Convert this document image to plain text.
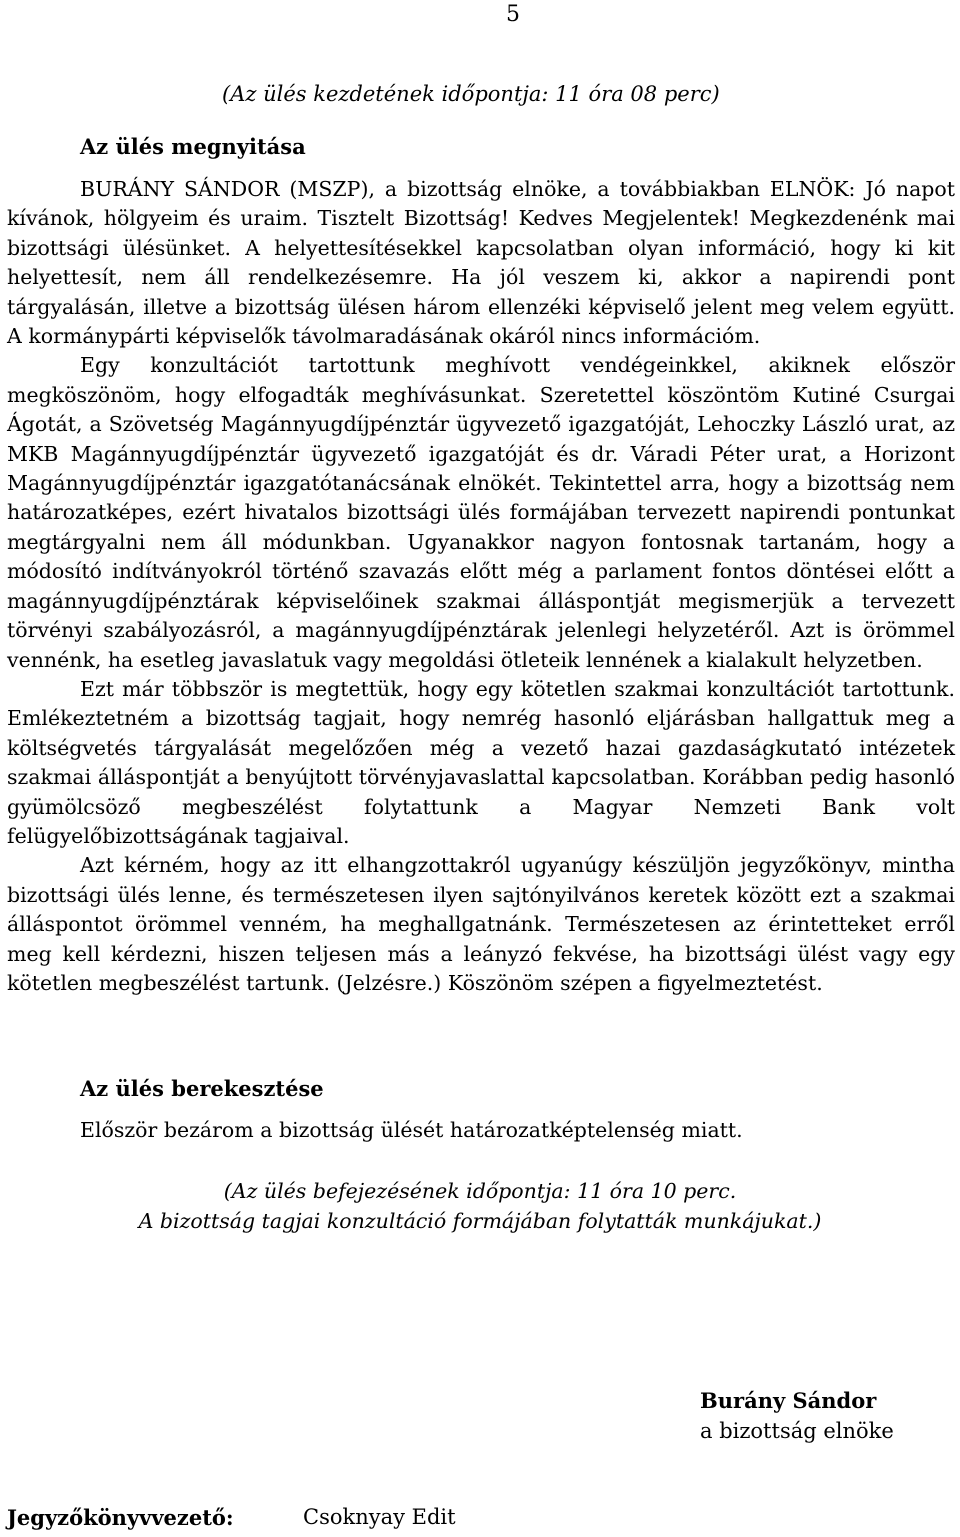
5
(Az ülés kezdetének időpontja: 11 óra 08 perc)
Az ülés megnyitása

BURÁNY SÁNDOR (MSZP), a bizottság elnöke, a továbbiakban ELNÖK: Jó napot kívánok, hölgyeim és uraim. Tisztelt Bizottság! Kedves Megjelentek! Megkezdenénk mai bizottsági ülésünket. A helyettesítésekkel kapcsolatban olyan információ, hogy ki kit helyettesít, nem áll rendelkezésemre. Ha jól veszem ki, akkor a napirendi pont tárgyalásán, illetve a bizottság ülésen három ellenzéki képviselő jelent meg velem együtt. A kormánypárti képviselők távolmaradásának okáról nincs információm.

Egy konzultációt tartottunk meghívott vendégeinkkel, akiknek először megköszönöm, hogy elfogadták meghívásunkat. Szeretettel köszöntöm Kutiné Csurgai Ágotát, a Szövetség Magánnyugdíjpénztár ügyvezető igazgatóját, Lehoczky László urat, az MKB Magánnyugdíjpénztár ügyvezető igazgatóját és dr. Váradi Péter urat, a Horizont Magánnyugdíjpénztár igazgatótanácsának elnökét. Tekintettel arra, hogy a bizottság nem határozatképes, ezért hivatalos bizottsági ülés formájában tervezett napirendi pontunkat megtárgyalni nem áll módunkban. Ugyanakkor nagyon fontosnak tartanám, hogy a módosító indítványokról történő szavazás előtt még a parlament fontos döntései előtt a magánnyugdíjpénztárak képviselőinek szakmai álláspontját megismerjük a tervezett törvényi szabályozásról, a magánnyugdíjpénztárak jelenlegi helyzetéről. Azt is örömmel vennénk, ha esetleg javaslatuk vagy megoldási ötleteik lennének a kialakult helyzetben.

Ezt már többször is megtettük, hogy egy kötetlen szakmai konzultációt tartottunk. Emlékeztetném a bizottság tagjait, hogy nemrég hasonló eljárásban hallgattuk meg a költségvetés tárgyalását megelőzően még a vezető hazai gazdaságkutató intézetek szakmai álláspontját a benyújtott törvényjavaslattal kapcsolatban. Korábban pedig hasonló gyümölcsöző megbeszélést folytattunk a Magyar Nemzeti Bank volt felügyelőbizottságának tagjaival.

Azt kérném, hogy az itt elhangzottakról ugyanúgy készüljön jegyzőkönyv, mintha bizottsági ülés lenne, és természetesen ilyen sajtónyilvános keretek között ezt a szakmai álláspontot örömmel venném, ha meghallgatnánk. Természetesen az érintetteket erről meg kell kérdezni, hiszen teljesen más a leányzó fekvése, ha bizottsági ülést vagy egy kötetlen megbeszélést tartunk. (Jelzésre.) Köszönöm szépen a figyelmeztetést.

Az ülés berekesztése
Először bezárom a bizottság ülését határozatképtelenség miatt.
(Az ülés befejezésének időpontja: 11 óra 10 perc.
A bizottság tagjai konzultáció formájában folytatták munkájukat.)
Burány Sándor
a bizottság elnöke
Jegyzőkönyvvezető:	Csoknyay Edit
